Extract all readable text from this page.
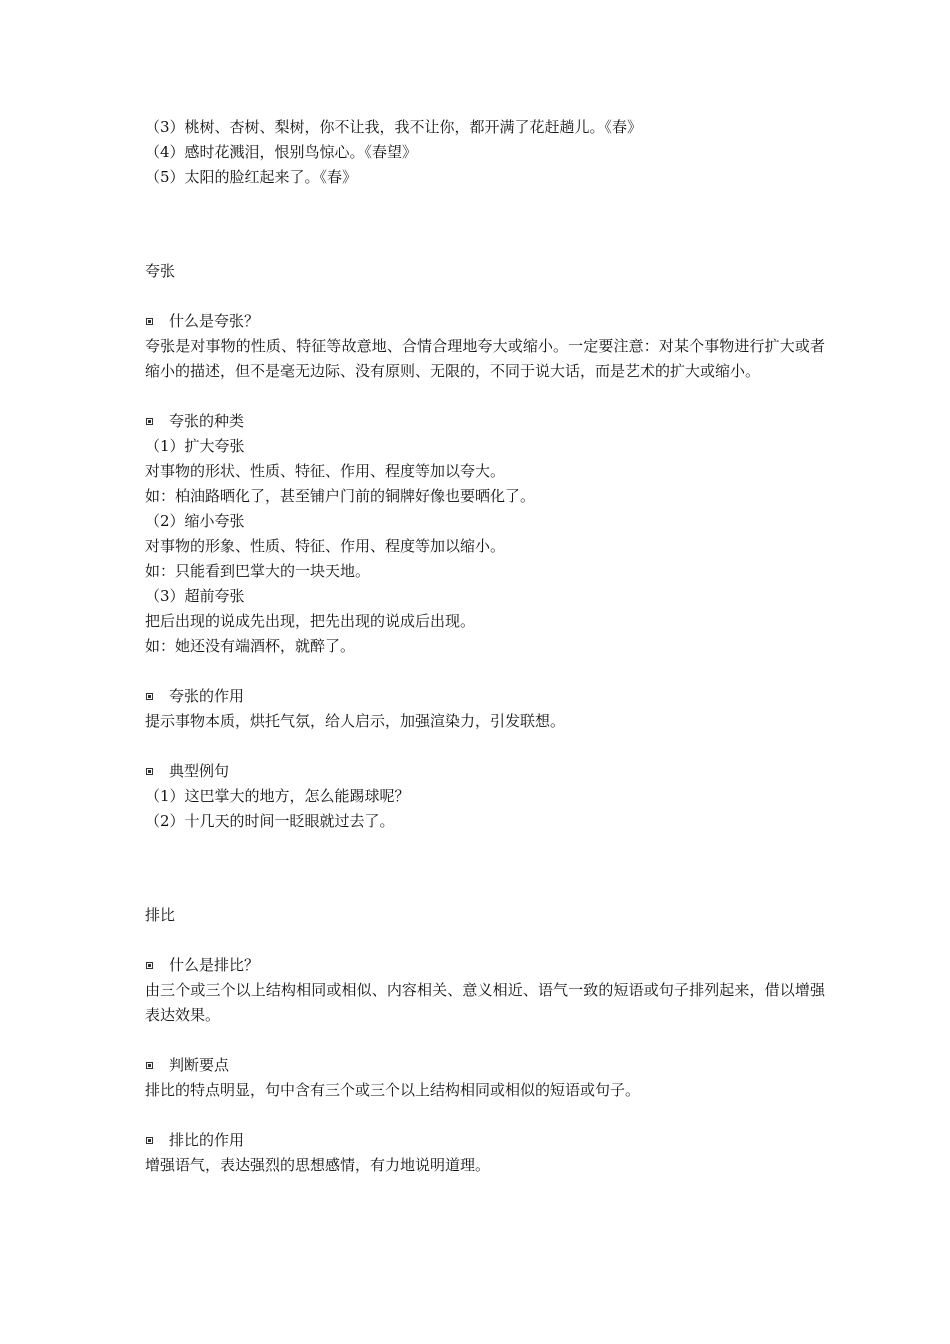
（3）桃树、杏树、梨树，你不让我，我不让你，都开满了花赶趟儿。《春》
（4）感时花溅泪，恨别鸟惊心。《春望》
（5）太阳的脸红起来了。《春》
夸张
什么是夸张？
夸张是对事物的性质、特征等故意地、合情合理地夸大或缩小。一定要注意：对某个事物进行扩大或者缩小的描述，但不是毫无边际、没有原则、无限的，不同于说大话，而是艺术的扩大或缩小。
夸张的种类
（1）扩大夸张
对事物的形状、性质、特征、作用、程度等加以夸大。
如：柏油路晒化了，甚至铺户门前的铜牌好像也要晒化了。
（2）缩小夸张
对事物的形象、性质、特征、作用、程度等加以缩小。
如：只能看到巴掌大的一块天地。
（3）超前夸张
把后出现的说成先出现，把先出现的说成后出现。
如：她还没有端酒杯，就醉了。
夸张的作用
提示事物本质，烘托气氛，给人启示，加强渲染力，引发联想。
典型例句
（1）这巴掌大的地方，怎么能踢球呢？
（2）十几天的时间一眨眼就过去了。
排比
什么是排比？
由三个或三个以上结构相同或相似、内容相关、意义相近、语气一致的短语或句子排列起来，借以增强表达效果。
判断要点
排比的特点明显，句中含有三个或三个以上结构相同或相似的短语或句子。
排比的作用
增强语气，表达强烈的思想感情，有力地说明道理。
